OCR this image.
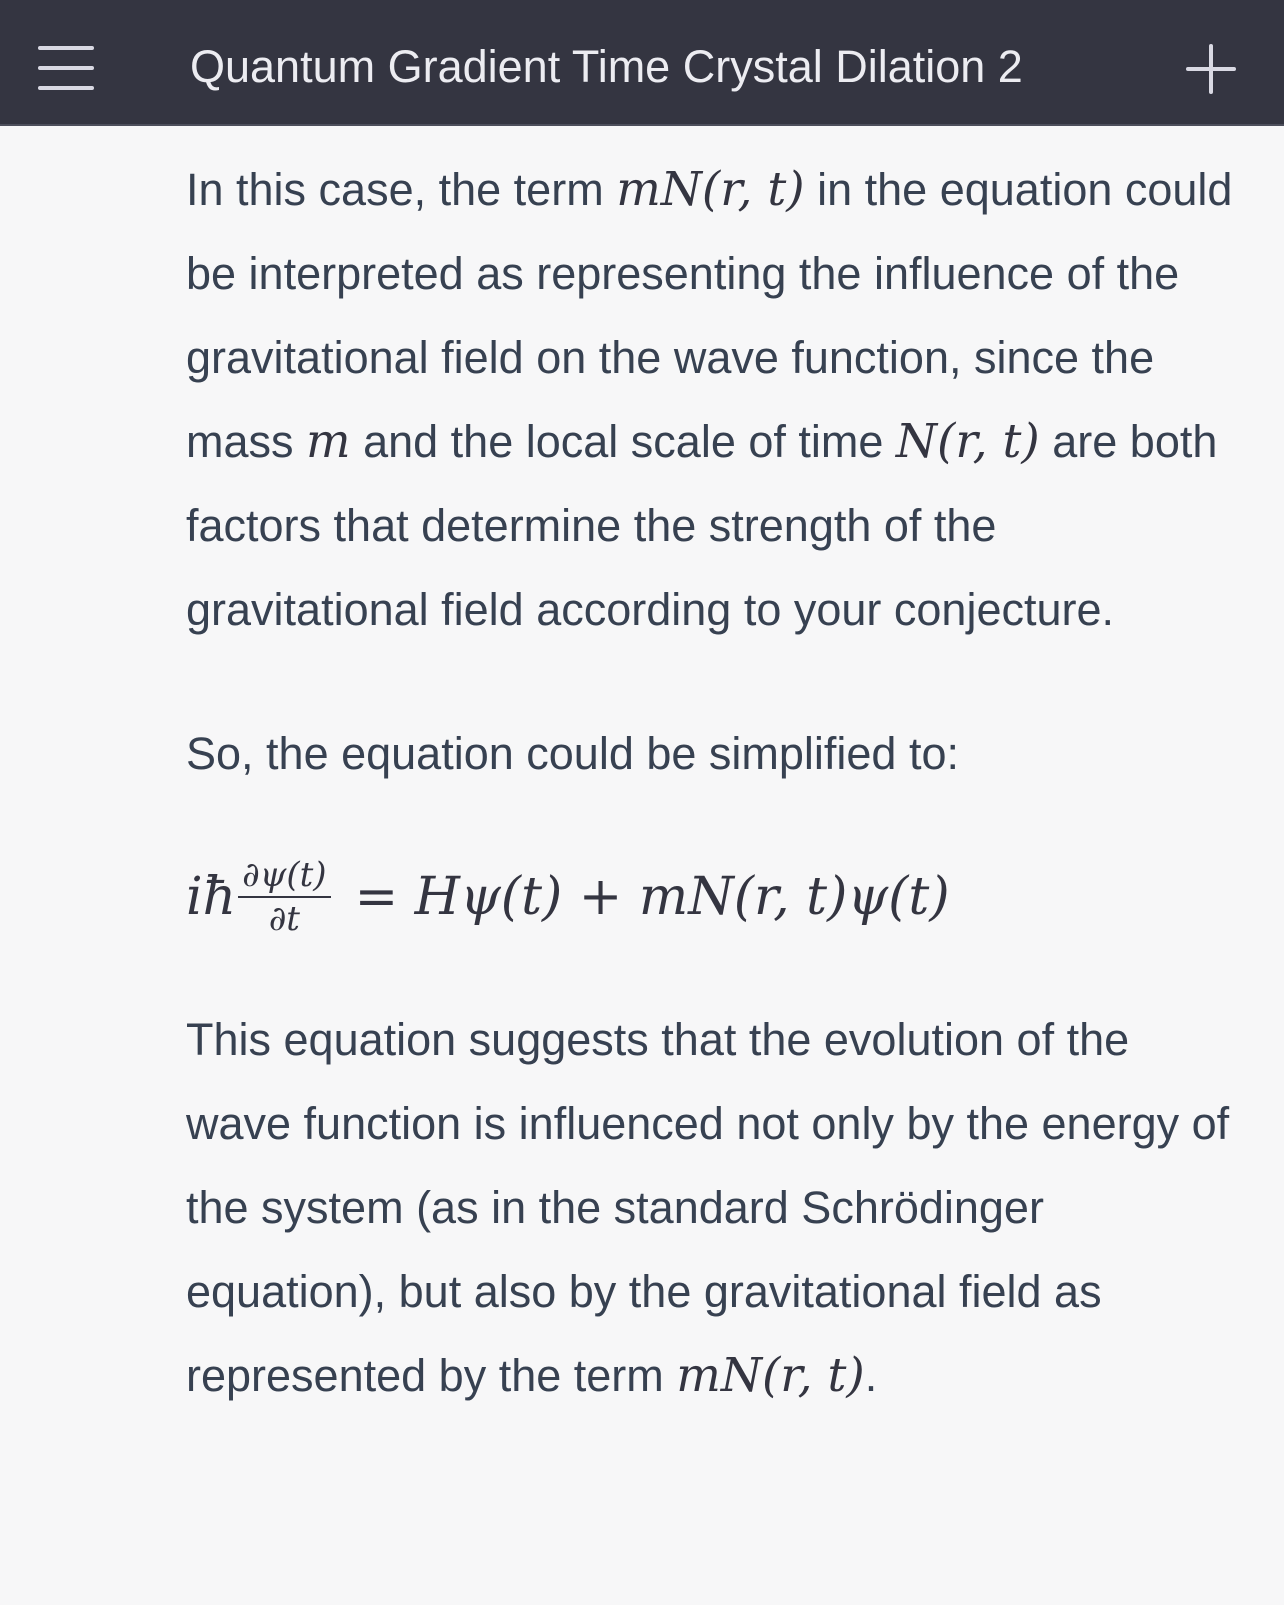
Quantum Gradient Time Crystal Dilation 2

In this case, the term mN(r, t) in the equation could be interpreted as representing the influence of the gravitational field on the wave function, since the mass m and the local scale of time N(r, t) are both factors that determine the strength of the gravitational field according to your conjecture.

So, the equation could be simplified to:

iħ $\frac{\partial\psi(t)}{\partial t} = H\psi(t) + mN(r$, t)ψ(t)

This equation suggests that the evolution of the wave function is influenced not only by the energy of the system (as in the standard Schrödinger equation), but also by the gravitational field as represented by the term mN(r, t).
